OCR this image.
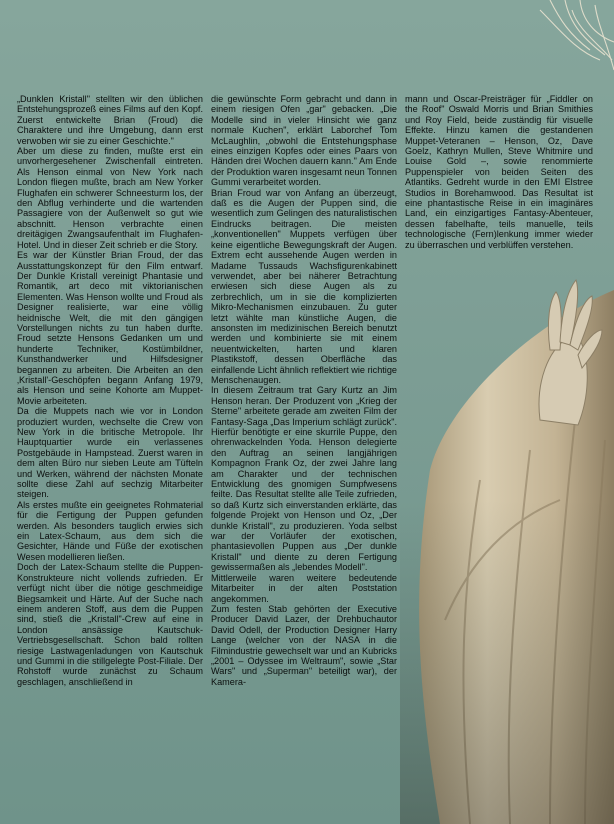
„Dunklen Kristall" stellten wir den üblichen Entstehungsprozeß eines Films auf den Kopf. Zuerst entwickelte Brian (Froud) die Charaktere und ihre Umgebung, dann erst verwoben wir sie zu einer Geschichte."

Aber um diese zu finden, mußte erst ein unvorhergesehener Zwischenfall eintreten. Als Henson einmal von New York nach London fliegen mußte, brach am New Yorker Flughafen ein schwerer Schneesturm los, der den Abflug verhinderte und die wartenden Passagiere von der Außenwelt so gut wie abschnitt. Henson verbrachte einen dreitägigen Zwangsaufenthalt im Flughafen-Hotel. Und in dieser Zeit schrieb er die Story.

Es war der Künstler Brian Froud, der das Ausstattungskonzept für den Film entwarf. Der Dunkle Kristall vereinigt Phantasie und Romantik, art deco mit viktorianischen Elementen. Was Henson wollte und Froud als Designer realisierte, war eine völlig heidnische Welt, die mit den gängigen Vorstellungen nichts zu tun haben durfte. Froud setzte Hensons Gedanken um und hunderte Techniker, Kostümbildner, Kunsthandwerker und Hilfsdesigner begannen zu arbeiten. Die Arbeiten an den ‚Kristall'-Geschöpfen begann Anfang 1979, als Henson und seine Kohorte am Muppet-Movie arbeiteten.

Da die Muppets nach wie vor in London produziert wurden, wechselte die Crew von New York in die britische Metropole. Ihr Hauptquartier wurde ein verlassenes Postgebäude in Hampstead. Zuerst waren in dem alten Büro nur sieben Leute am Tüfteln und Werken, während der nächsten Monate sollte diese Zahl auf sechzig Mitarbeiter steigen.

Als erstes mußte ein geeignetes Rohmaterial für die Fertigung der Puppen gefunden werden. Als besonders tauglich erwies sich ein Latex-Schaum, aus dem sich die Gesichter, Hände und Füße der exotischen Wesen modellieren ließen.

Doch der Latex-Schaum stellte die Puppen-Konstrukteure nicht vollends zufrieden. Er verfügt nicht über die nötige geschmeidige Biegsamkeit und Härte. Auf der Suche nach einem anderen Stoff, aus dem die Puppen sind, stieß die „Kristall"-Crew auf eine in London ansässige Kautschuk-Vertriebsgesellschaft. Schon bald rollten riesige Lastwagenladungen von Kautschuk und Gummi in die stillgelegte Post-Filiale. Der Rohstoff wurde zunächst zu Schaum geschlagen, anschließend in

die gewünschte Form gebracht und dann in einem riesigen Ofen „gar" gebacken. „Die Modelle sind in vieler Hinsicht wie ganz normale Kuchen", erklärt Laborchef Tom McLaughlin, „obwohl die Entstehungsphase eines einzigen Kopfes oder eines Paars von Händen drei Wochen dauern kann." Am Ende der Produktion waren insgesamt neun Tonnen Gummi verarbeitet worden.

Brian Froud war von Anfang an überzeugt, daß es die Augen der Puppen sind, die wesentlich zum Gelingen des naturalistischen Eindrucks beitragen. Die meisten „konventionellen" Muppets verfügen über keine eigentliche Bewegungskraft der Augen. Extrem echt aussehende Augen werden in Madame Tussauds Wachsfigurenkabinett verwendet, aber bei näherer Betrachtung erwiesen sich diese Augen als zu zerbrechlich, um in sie die komplizierten Mikro-Mechanismen einzubauen. Zu guter letzt wählte man künstliche Augen, die ansonsten im medizinischen Bereich benutzt werden und kombinierte sie mit einem neuentwickelten, harten und klaren Plastikstoff, dessen Oberfläche das einfallende Licht ähnlich reflektiert wie richtige Menschenaugen.

In diesem Zeitraum trat Gary Kurtz an Jim Henson heran. Der Produzent von „Krieg der Sterne" arbeitete gerade am zweiten Film der Fantasy-Saga „Das Imperium schlägt zurück". Hierfür benötigte er eine skurrile Puppe, den ohrenwackelnden Yoda. Henson delegierte den Auftrag an seinen langjährigen Kompagnon Frank Oz, der zwei Jahre lang am Charakter und der technischen Entwicklung des gnomigen Sumpfwesens feilte. Das Resultat stellte alle Teile zufrieden, so daß Kurtz sich einverstanden erklärte, das folgende Projekt von Henson und Oz, „Der dunkle Kristall", zu produzieren. Yoda selbst war der Vorläufer der exotischen, phantasievollen Puppen aus „Der dunkle Kristall" und diente zu deren Fertigung gewissermaßen als „lebendes Modell".

Mittlerweile waren weitere bedeutende Mitarbeiter in der alten Poststation angekommen.

Zum festen Stab gehörten der Executive Producer David Lazer, der Drehbuchautor David Odell, der Production Designer Harry Lange (welcher von der NASA in die Filmindustrie gewechselt war und an Kubricks „2001 – Odyssee im Weltraum", sowie „Star Wars" und „Superman" beteiligt war), der Kamera-

mann und Oscar-Preisträger für „Fiddler on the Roof" Oswald Morris und Brian Smithies und Roy Field, beide zuständig für visuelle Effekte. Hinzu kamen die gestandenen Muppet-Veteranen – Henson, Oz, Dave Goelz, Kathryn Mullen, Steve Whitmire und Louise Gold –, sowie renommierte Puppenspieler von beiden Seiten des Atlantiks. Gedreht wurde in den EMI Elstree Studios in Borehamwood. Das Resultat ist eine phantastische Reise in ein imaginäres Land, ein einzigartiges Fantasy-Abenteuer, dessen fabelhafte, teils manuelle, teils technologische (Fern)lenkung immer wieder zu überraschen und verblüffen verstehen.
